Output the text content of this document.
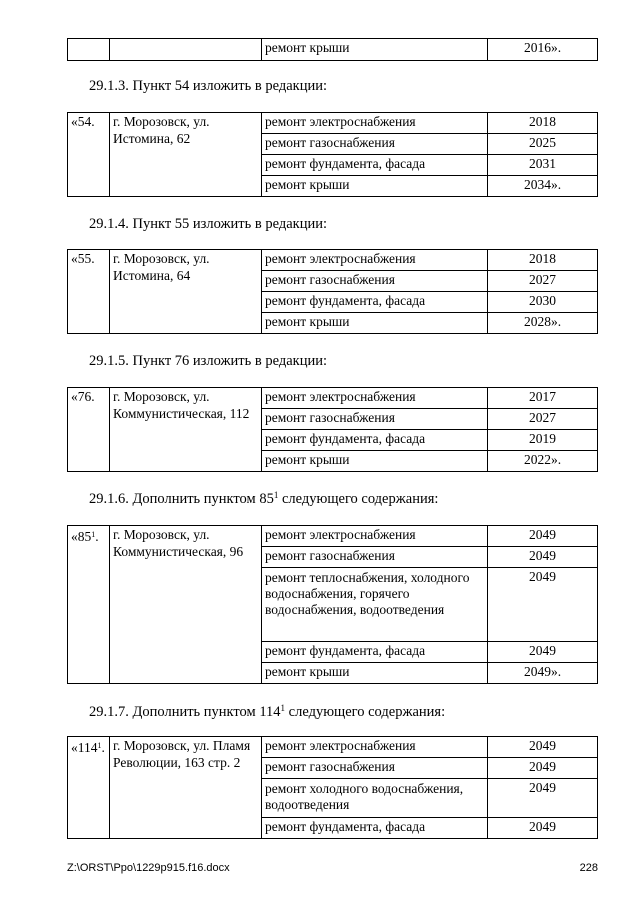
		ремонт крыши	2016».
29.1.3. Пункт 54 изложить в редакции:
«54.	г. Морозовск, ул. Истомина, 62	ремонт электроснабжения	2018
		ремонт газоснабжения	2025
		ремонт фундамента, фасада	2031
		ремонт крыши	2034».
29.1.4. Пункт 55 изложить в редакции:
«55.	г. Морозовск, ул. Истомина, 64	ремонт электроснабжения	2018
		ремонт газоснабжения	2027
		ремонт фундамента, фасада	2030
		ремонт крыши	2028».
29.1.5. Пункт 76 изложить в редакции:
«76.	г. Морозовск, ул. Коммунистическая, 112	ремонт электроснабжения	2017
		ремонт газоснабжения	2027
		ремонт фундамента, фасада	2019
		ремонт крыши	2022».
29.1.6. Дополнить пунктом $85^1$ следующего содержания:
«$85^1$.	г. Морозовск, ул. Коммунистическая, 96	ремонт электроснабжения	2049
		ремонт газоснабжения	2049
		ремонт теплоснабжения, холодного водоснабжения, горячего водоснабжения, водоотведения	2049
		ремонт фундамента, фасада	2049
		ремонт крыши	2049».
29.1.7. Дополнить пунктом $114^1$ следующего содержания:
«$114^1$.	г. Морозовск, ул. Пламя Революции, 163 стр. 2	ремонт электроснабжения	2049
		ремонт газоснабжения	2049
		ремонт холодного водоснабжения, водоотведения	2049
		ремонт фундамента, фасада	2049
Z:\ORST\Ppo\1229p915.f16.docx	228
